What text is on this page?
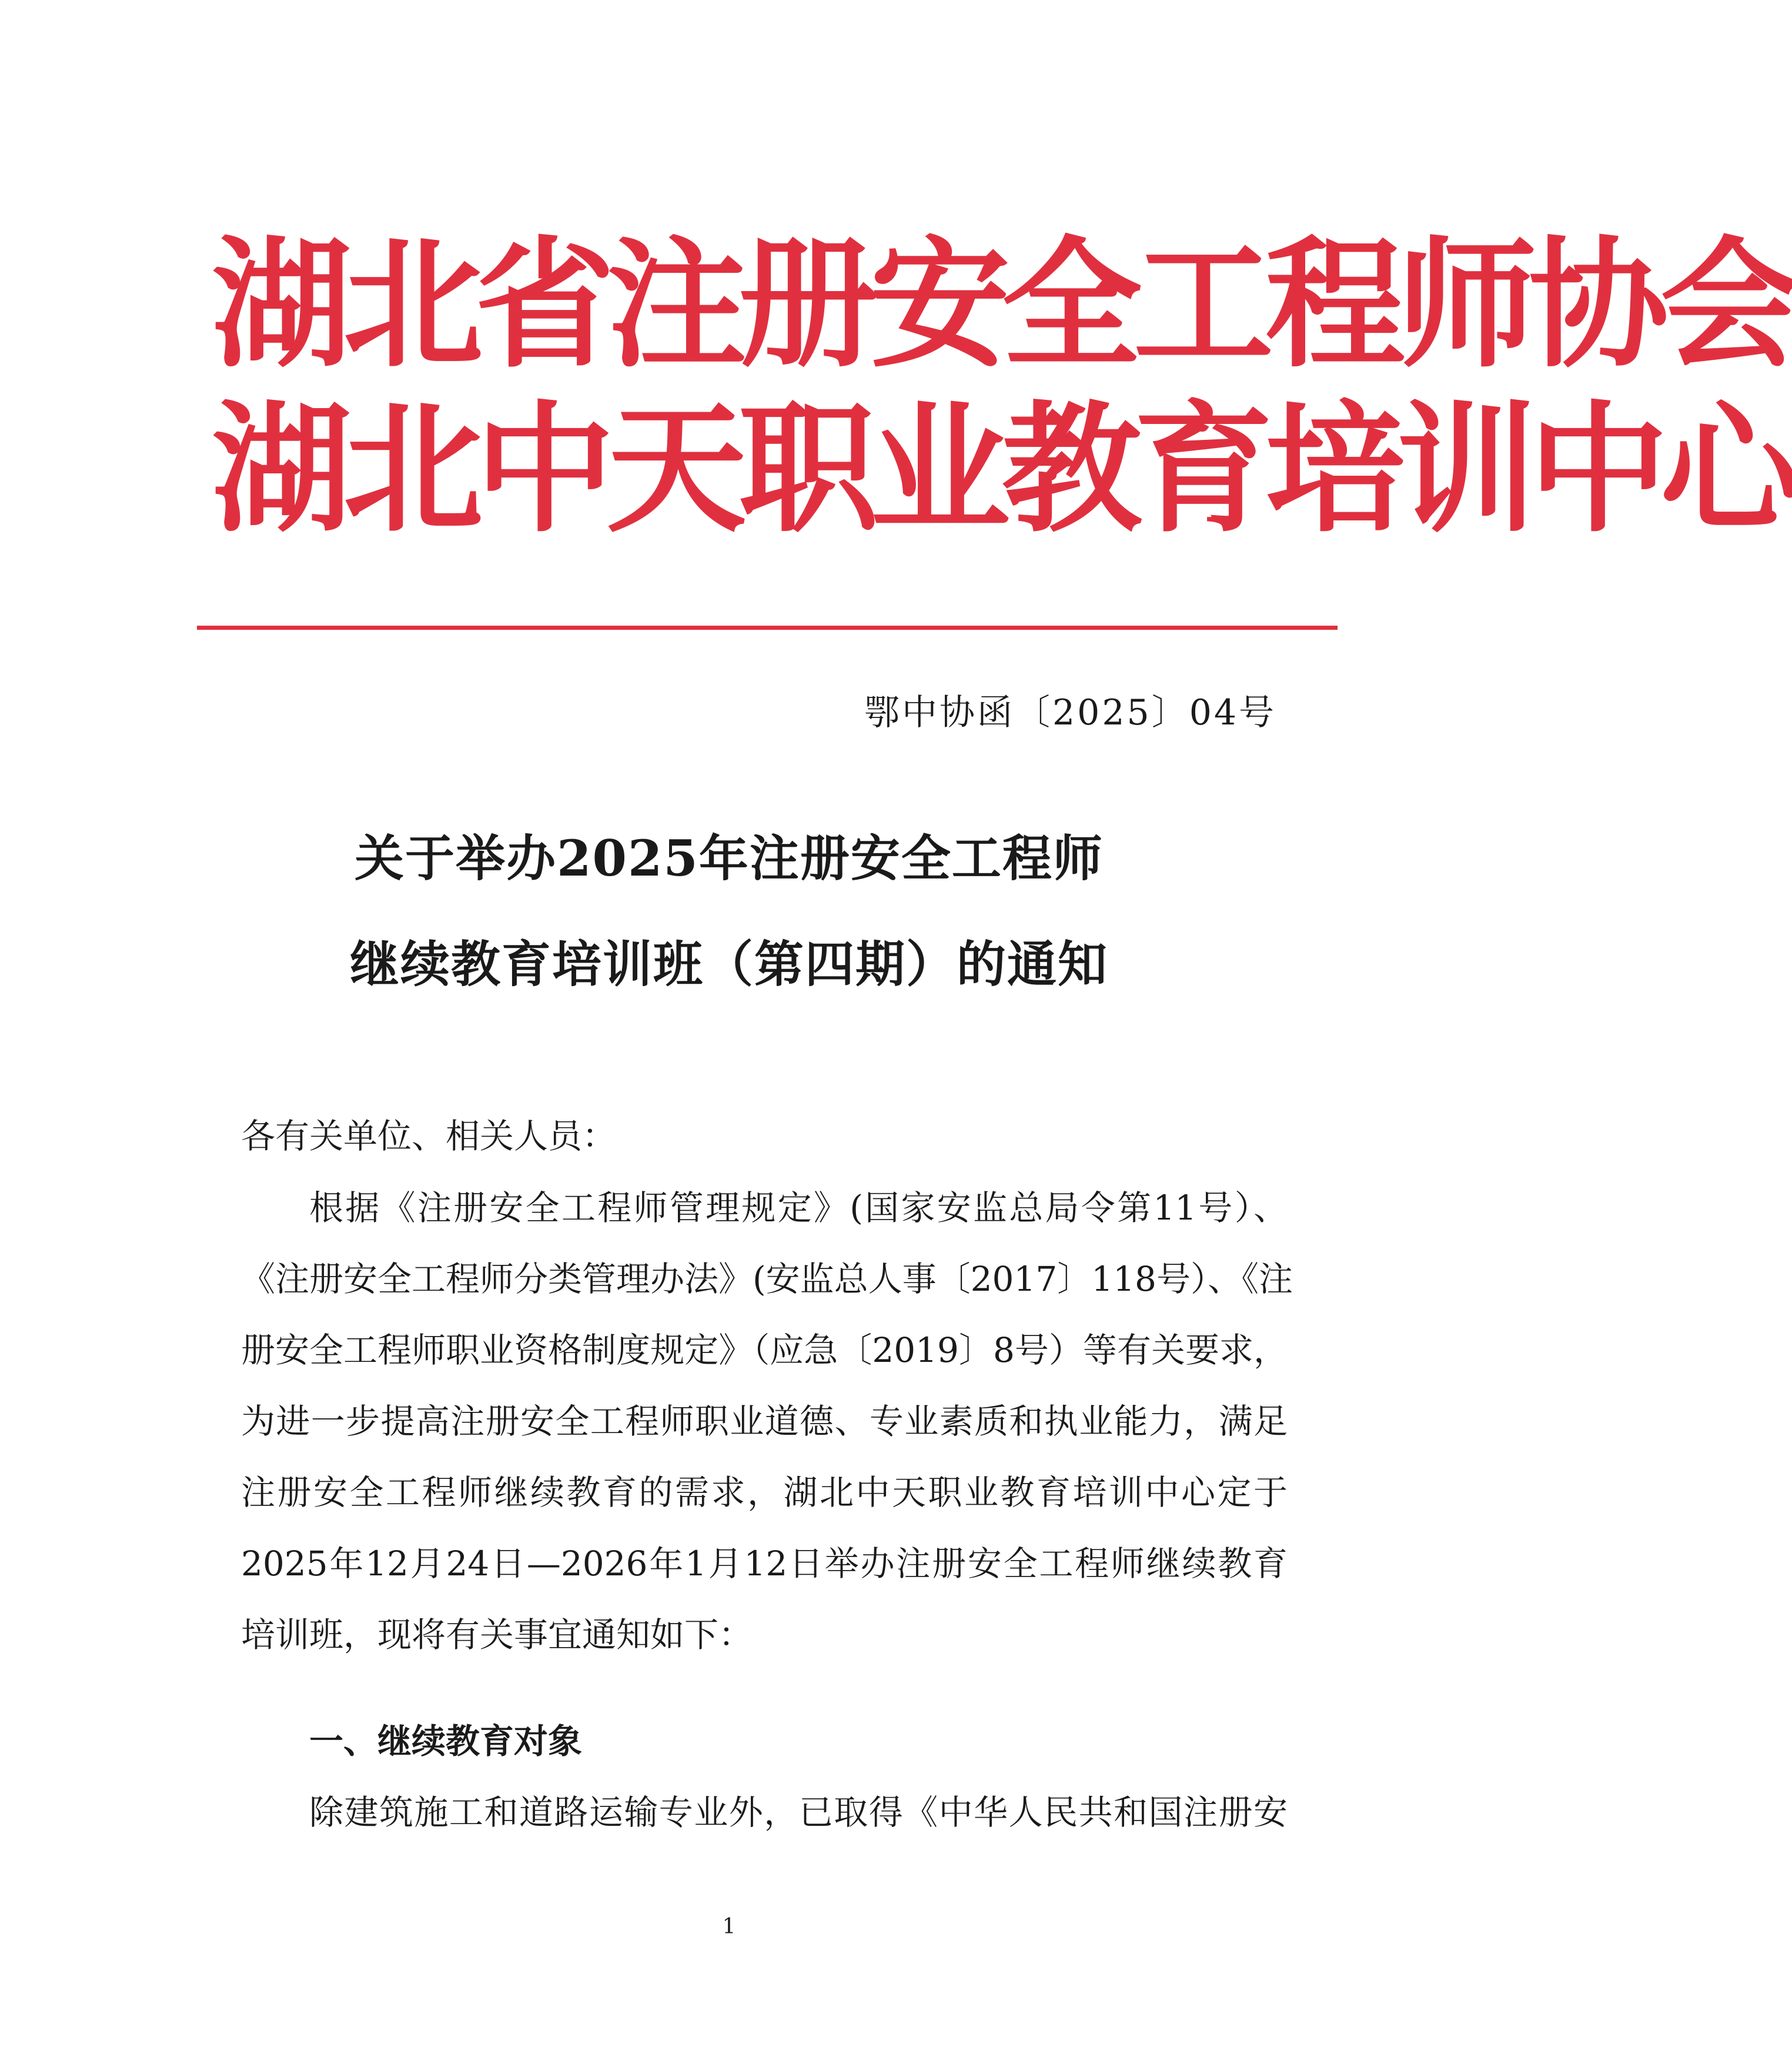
湖北省注册安全工程师协会
湖北中天职业教育培训中心
鄂中协函〔2025〕04号
关于举办2025年注册安全工程师
继续教育培训班（第四期）的通知
各有关单位、相关人员：
根据《注册安全工程师管理规定》(国家安监总局令第11号）、
《注册安全工程师分类管理办法》(安监总人事〔2017〕118号）、《注
册安全工程师职业资格制度规定》（应急〔2019〕8号）等有关要求，
为进一步提高注册安全工程师职业道德、专业素质和执业能力，满足
注册安全工程师继续教育的需求，湖北中天职业教育培训中心定于
2025年12月24日—2026年1月12日举办注册安全工程师继续教育
培训班，现将有关事宜通知如下：
一、继续教育对象
除建筑施工和道路运输专业外，已取得《中华人民共和国注册安
1
